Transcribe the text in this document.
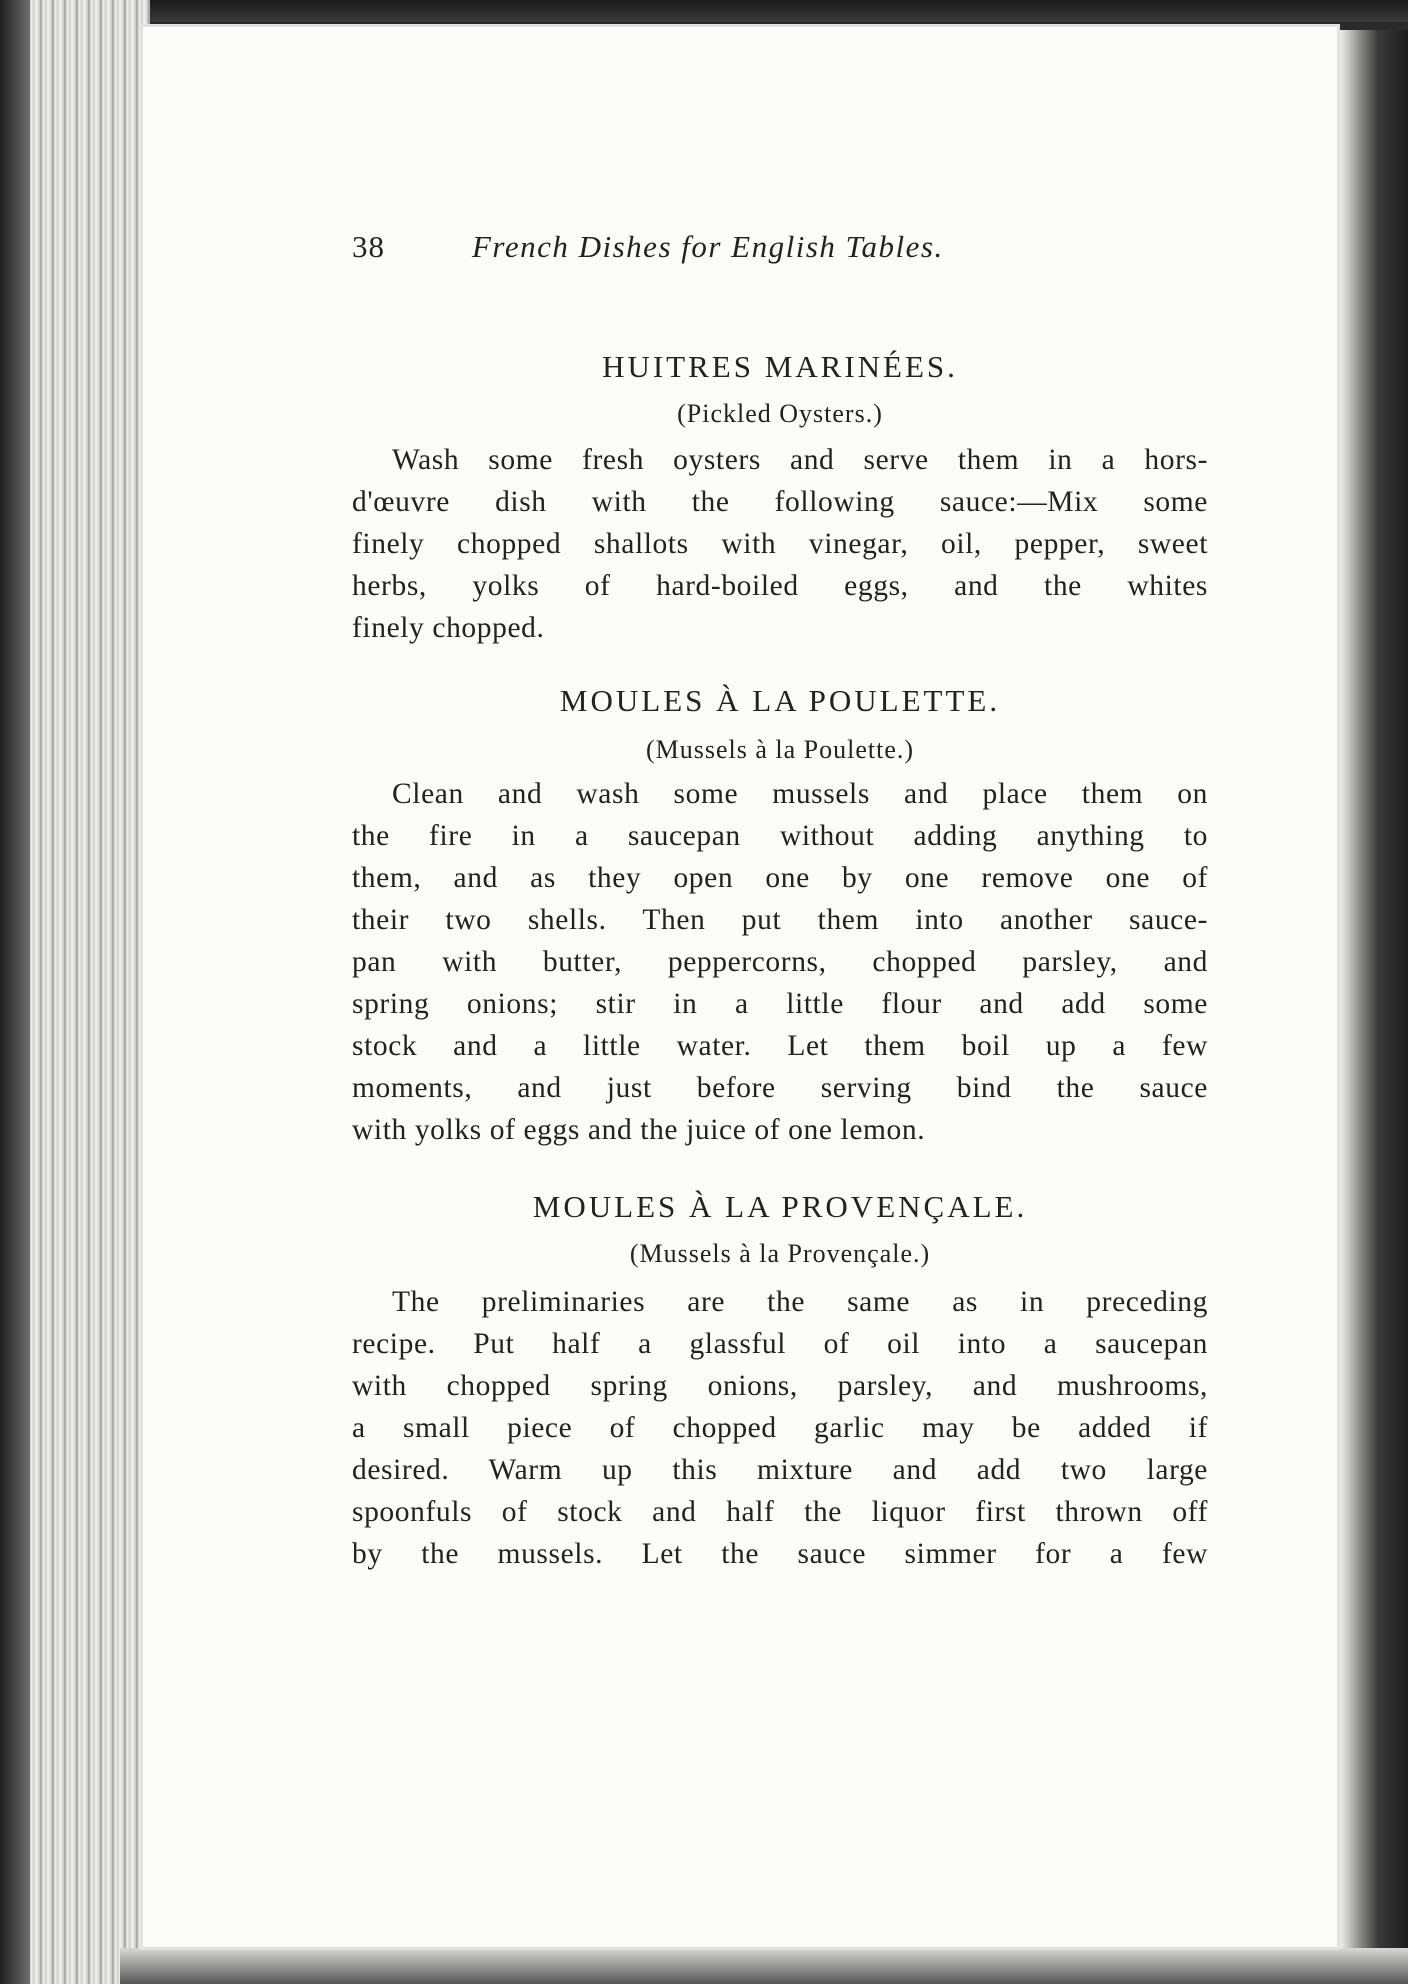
38	French Dishes for English Tables.
HUITRES MARINÉES.

(Pickled Oysters.)

Wash some fresh oysters and serve them in a hors-
d'œuvre dish with the following sauce:—Mix some
finely chopped shallots with vinegar, oil, pepper, sweet
herbs, yolks of hard-boiled eggs, and the whites
finely chopped.
MOULES À LA POULETTE.

(Mussels à la Poulette.)

Clean and wash some mussels and place them on
the fire in a saucepan without adding anything to
them, and as they open one by one remove one of
their two shells. Then put them into another sauce-
pan with butter, peppercorns, chopped parsley, and
spring onions; stir in a little flour and add some
stock and a little water. Let them boil up a few
moments, and just before serving bind the sauce
with yolks of eggs and the juice of one lemon.
MOULES À LA PROVENÇALE.

(Mussels à la Provençale.)

The preliminaries are the same as in preceding
recipe. Put half a glassful of oil into a saucepan
with chopped spring onions, parsley, and mushrooms,
a small piece of chopped garlic may be added if
desired. Warm up this mixture and add two large
spoonfuls of stock and half the liquor first thrown off
by the mussels. Let the sauce simmer for a few
